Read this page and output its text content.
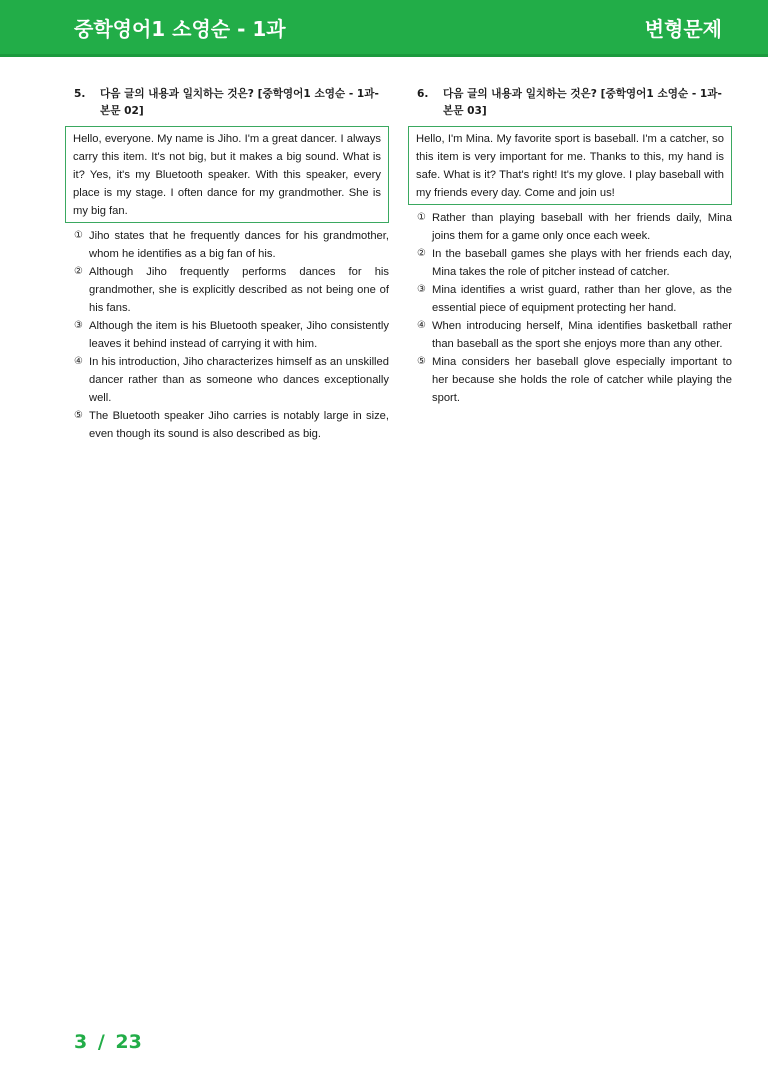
중학영어1 소영순 - 1과	변형문제
5.	다음 글의 내용과 일치하는 것은? [중학영어1 소영순 - 1과-본문 02]
Hello, everyone. My name is Jiho. I'm a great dancer. I always carry this item. It's not big, but it makes a big sound. What is it? Yes, it's my Bluetooth speaker. With this speaker, every place is my stage. I often dance for my grandmother. She is my big fan.
① Jiho states that he frequently dances for his grandmother, whom he identifies as a big fan of his.
② Although Jiho frequently performs dances for his grandmother, she is explicitly described as not being one of his fans.
③ Although the item is his Bluetooth speaker, Jiho consistently leaves it behind instead of carrying it with him.
④ In his introduction, Jiho characterizes himself as an unskilled dancer rather than as someone who dances exceptionally well.
⑤ The Bluetooth speaker Jiho carries is notably large in size, even though its sound is also described as big.
6.	다음 글의 내용과 일치하는 것은? [중학영어1 소영순 - 1과-본문 03]
Hello, I'm Mina. My favorite sport is baseball. I'm a catcher, so this item is very important for me. Thanks to this, my hand is safe. What is it? That's right! It's my glove. I play baseball with my friends every day. Come and join us!
① Rather than playing baseball with her friends daily, Mina joins them for a game only once each week.
② In the baseball games she plays with her friends each day, Mina takes the role of pitcher instead of catcher.
③ Mina identifies a wrist guard, rather than her glove, as the essential piece of equipment protecting her hand.
④ When introducing herself, Mina identifies basketball rather than baseball as the sport she enjoys more than any other.
⑤ Mina considers her baseball glove especially important to her because she holds the role of catcher while playing the sport.
3 / 23
